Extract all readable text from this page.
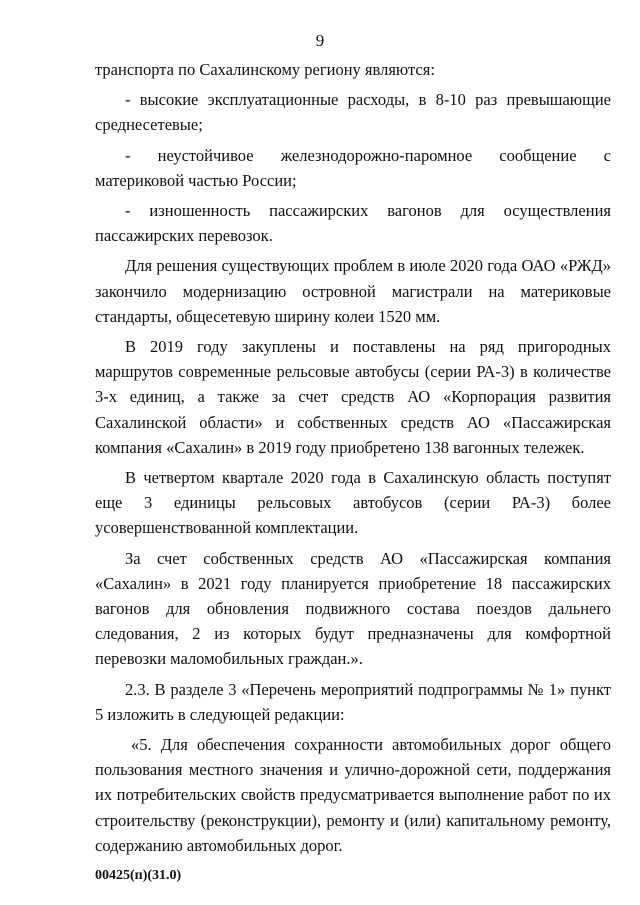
9

транспорта по Сахалинскому региону являются:

- высокие эксплуатационные расходы, в 8-10 раз превышающие среднесетевые;

- неустойчивое железнодорожно-паромное сообщение с материковой частью России;

- изношенность пассажирских вагонов для осуществления пассажирских перевозок.

Для решения существующих проблем в июле 2020 года ОАО «РЖД» закончило модернизацию островной магистрали на материковые стандарты, общесетевую ширину колеи 1520 мм.

В 2019 году закуплены и поставлены на ряд пригородных маршрутов современные рельсовые автобусы (серии РА-3) в количестве 3-х единиц, а также за счет средств АО «Корпорация развития Сахалинской области» и собственных средств АО «Пассажирская компания «Сахалин» в 2019 году приобретено 138 вагонных тележек.

В четвертом квартале 2020 года в Сахалинскую область поступят еще 3 единицы рельсовых автобусов (серии РА-3) более усовершенствованной комплектации.

За счет собственных средств АО «Пассажирская компания «Сахалин» в 2021 году планируется приобретение 18 пассажирских вагонов для обновления подвижного состава поездов дальнего следования, 2 из которых будут предназначены для комфортной перевозки маломобильных граждан.».

2.3. В разделе 3 «Перечень мероприятий подпрограммы № 1» пункт 5 изложить в следующей редакции:

«5. Для обеспечения сохранности автомобильных дорог общего пользования местного значения и улично-дорожной сети, поддержания их потребительских свойств предусматривается выполнение работ по их строительству (реконструкции), ремонту и (или) капитальному ремонту, содержанию автомобильных дорог.

00425(п)(31.0)
